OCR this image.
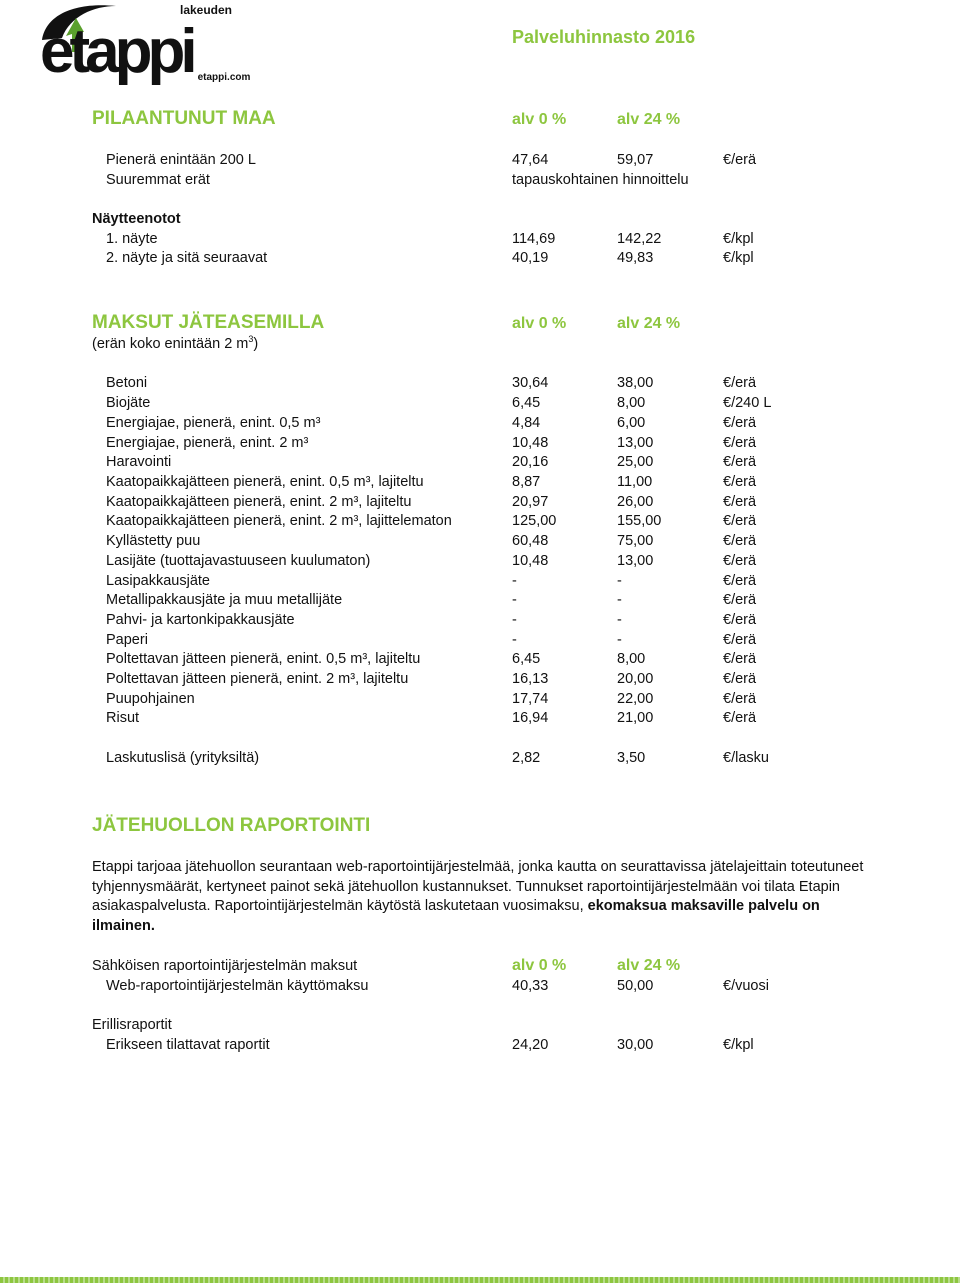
lakeuden
etappi etappi.com
Palveluhinnasto 2016
PILAANTUNUT MAA	alv 0 %	alv 24 %
Pienerä enintään 200 L	47,64	59,07	€/erä
Suuremmat erät	tapauskohtainen hinnoittelu
Näytteenotot
1. näyte	114,69	142,22	€/kpl
2. näyte ja sitä seuraavat	40,19	49,83	€/kpl
MAKSUT JÄTEASEMILLA	alv 0 %	alv 24 %
(erän koko enintään 2 $m^3$)
Betoni	30,64	38,00	€/erä
Biojäte	6,45	8,00	€/240 L
Energiajae, pienerä, enint. 0,5 m³	4,84	6,00	€/erä
Energiajae, pienerä, enint. 2 m³	10,48	13,00	€/erä
Haravointi	20,16	25,00	€/erä
Kaatopaikkajätteen pienerä, enint. 0,5 m³, lajiteltu	8,87	11,00	€/erä
Kaatopaikkajätteen pienerä, enint. 2 m³, lajiteltu	20,97	26,00	€/erä
Kaatopaikkajätteen pienerä, enint. 2 m³, lajittelematon	125,00	155,00	€/erä
Kyllästetty puu	60,48	75,00	€/erä
Lasijäte (tuottajavastuuseen kuulumaton)	10,48	13,00	€/erä
Lasipakkausjäte	-	-	€/erä
Metallipakkausjäte ja muu metallijäte	-	-	€/erä
Pahvi- ja kartonkipakkausjäte	-	-	€/erä
Paperi	-	-	€/erä
Poltettavan jätteen pienerä, enint. 0,5 m³, lajiteltu	6,45	8,00	€/erä
Poltettavan jätteen pienerä, enint. 2 m³, lajiteltu	16,13	20,00	€/erä
Puupohjainen	17,74	22,00	€/erä
Risut	16,94	21,00	€/erä
Laskutuslisä (yrityksiltä)	2,82	3,50	€/lasku
JÄTEHUOLLON RAPORTOINTI
Etappi tarjoaa jätehuollon seurantaan web-raportointijärjestelmää, jonka kautta on seurattavissa jätelajeittain toteutuneet tyhjennysmäärät, kertyneet painot sekä jätehuollon kustannukset. Tunnukset raportointijärjestelmään voi tilata Etapin asiakaspalvelusta. Raportointijärjestelmän käytöstä laskutetaan vuosimaksu, ekomaksua maksaville palvelu on ilmainen.
Sähköisen raportointijärjestelmän maksut	alv 0 %	alv 24 %
Web-raportointijärjestelmän käyttömaksu	40,33	50,00	€/vuosi
Erillisraportit
Erikseen tilattavat raportit	24,20	30,00	€/kpl
